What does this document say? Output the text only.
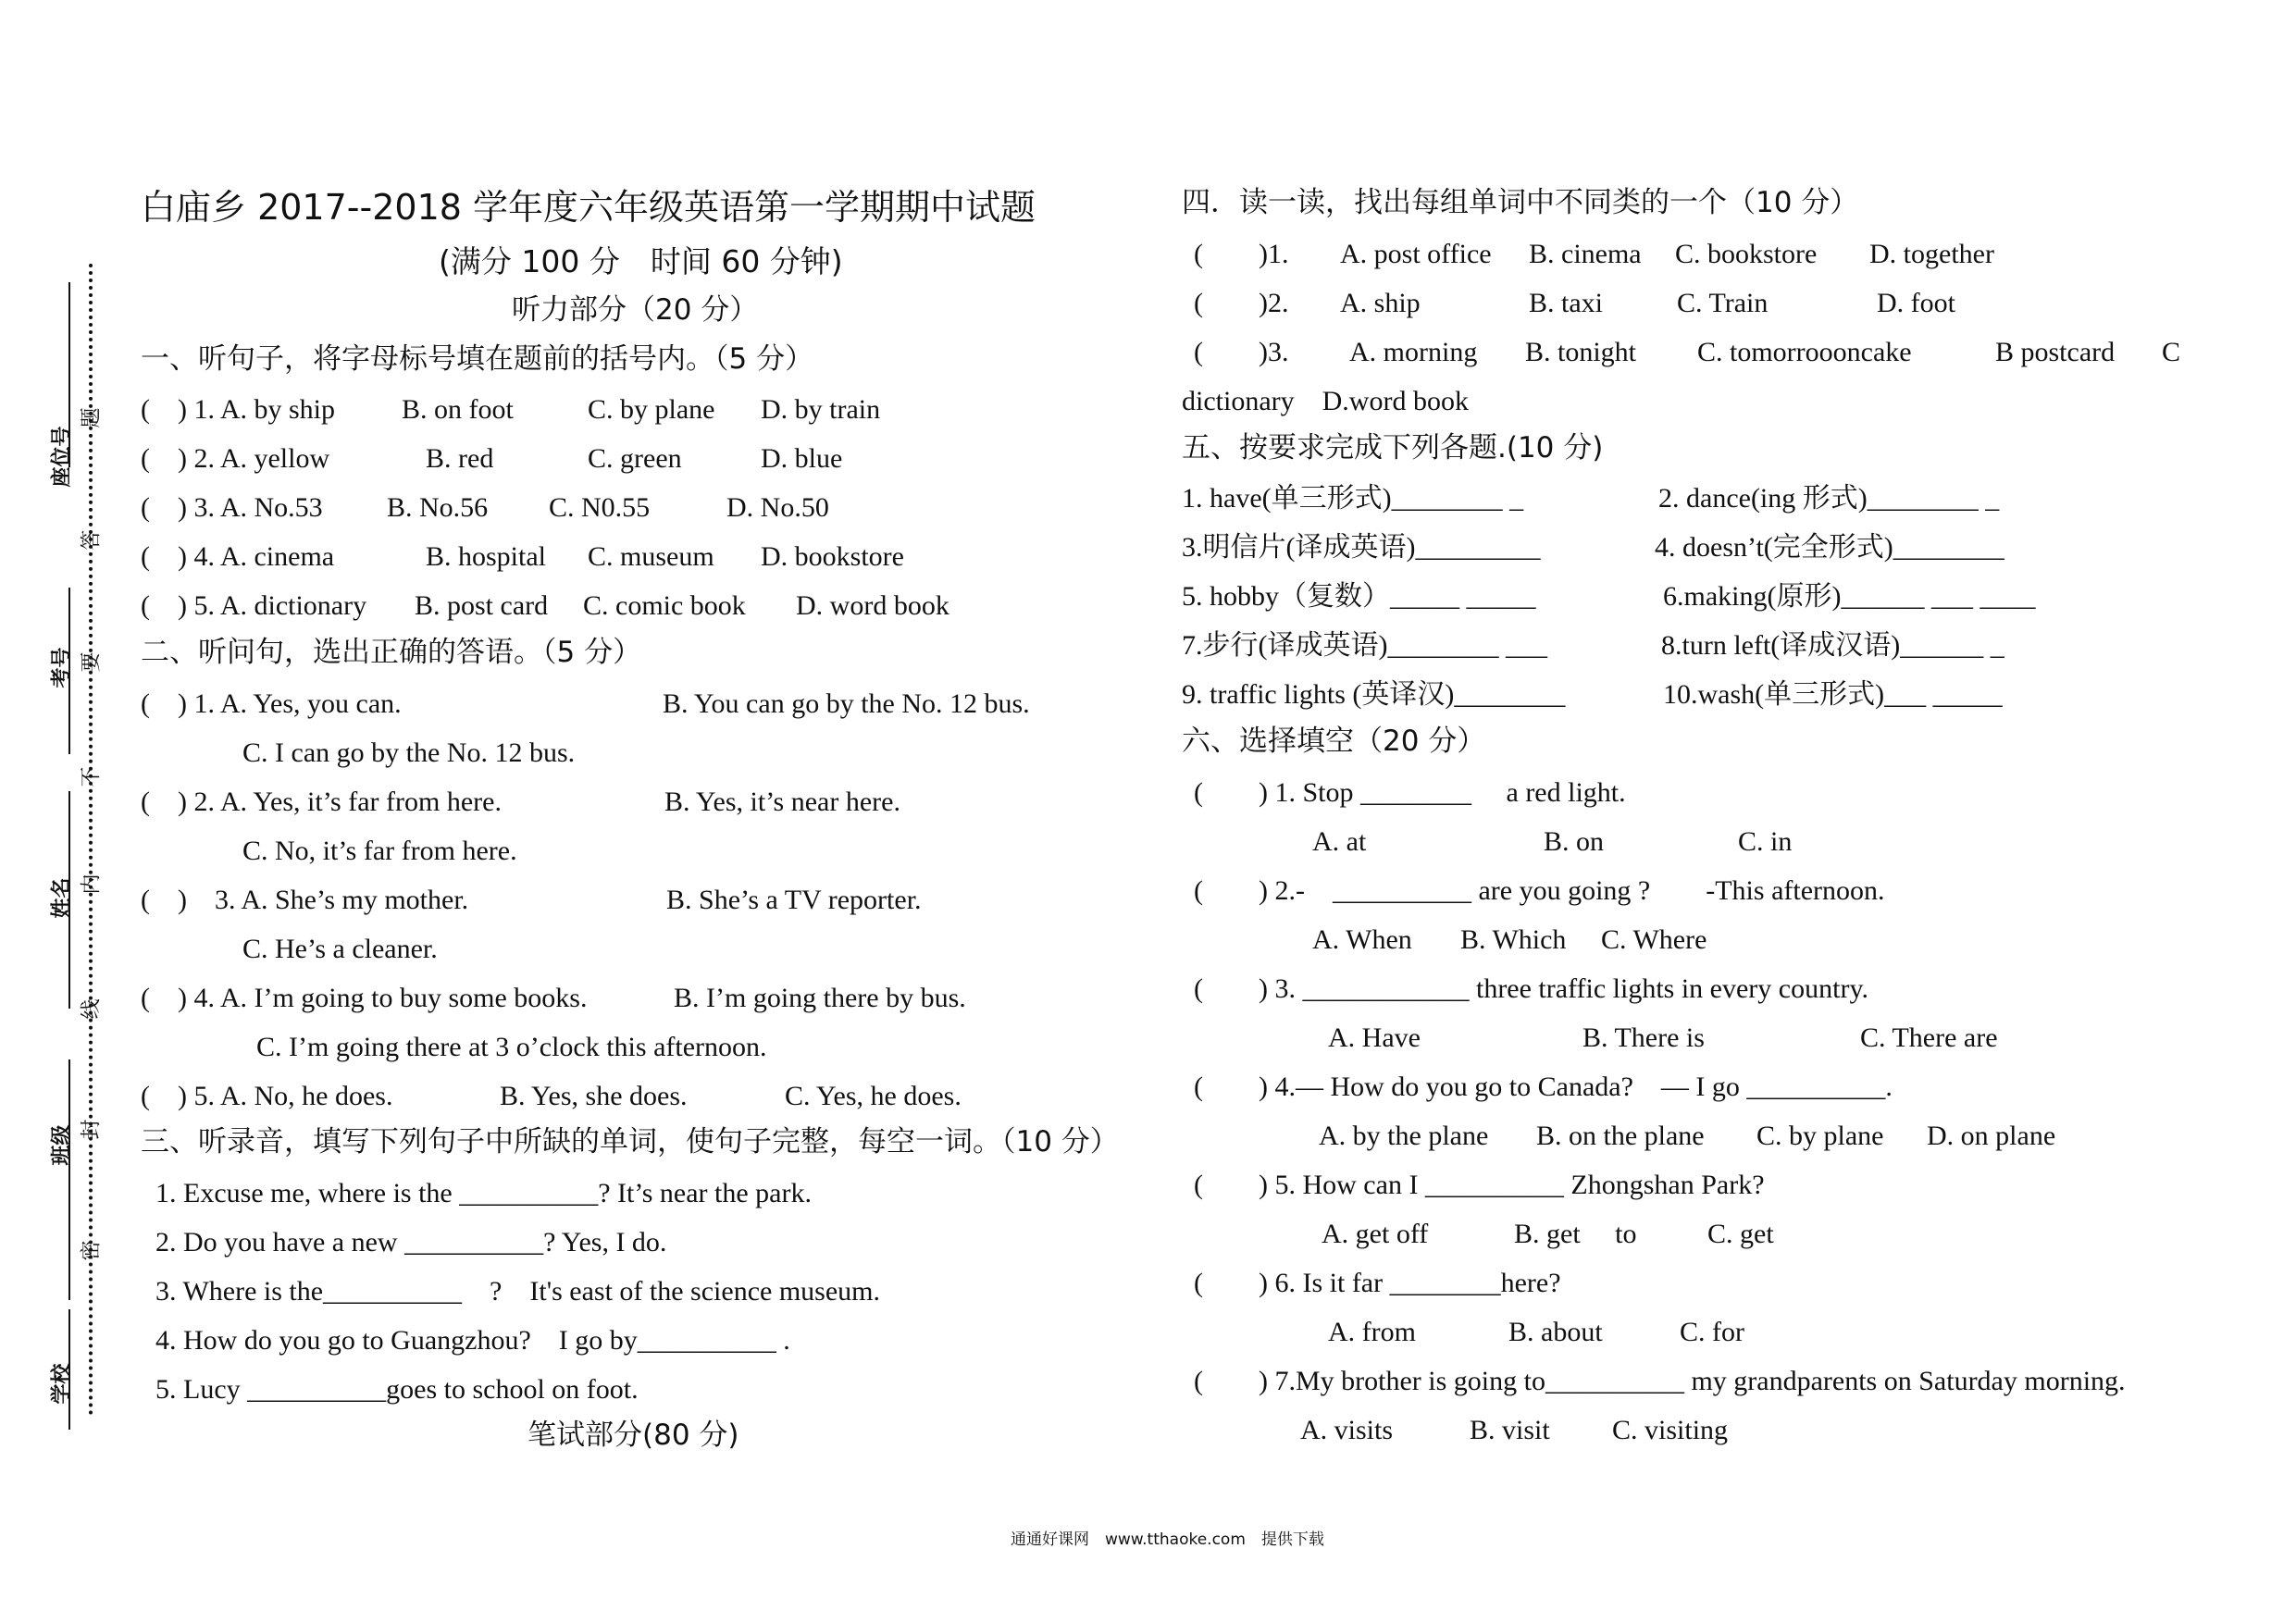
座位号
考号
姓名
班级
学校
题
答
要
不
内
线
封
密
白庙乡 2017--2018 学年度六年级英语第一学期期中试题
(满分 100 分　时间 60 分钟)
听力部分（20 分）
一、听句子，将字母标号填在题前的括号内。（5 分）
(　) 1. A. by ship B. on foot	C. by plane D. by train
(　) 2. A. yellow	B. red	C. green	D. blue
(　) 3. A. No.53 B. No.56 C. N0.55	D. No.50
(　) 4. A. cinema	B. hospital C. museum D. bookstore
(　) 5. A. dictionary B. post card C. comic book D. word book
二、听问句，选出正确的答语。（5 分）
(　) 1. A. Yes, you can.	B. You can go by the No. 12 bus.
C. I can go by the No. 12 bus.
(　) 2. A. Yes, it’s far from here.	B. Yes, it’s near here.
C. No, it’s far from here.
(　)　3. A. She’s my mother.	B. She’s a TV reporter.
C. He’s a cleaner.
(　) 4. A. I’m going to buy some books.	B. I’m going there by bus.
C. I’m going there at 3 o’clock this afternoon.
(　) 5. A. No, he does.	B. Yes, she does.	C. Yes, he does.
三、听录音，填写下列句子中所缺的单词，使句子完整，每空一词。（10 分）
1. Excuse me, where is the __________? It’s near the park.
2. Do you have a new __________? Yes, I do.
3. Where is the__________　?　It's east of the science museum.
4. How do you go to Guangzhou?　I go by__________ .
5. Lucy __________goes to school on foot.
笔试部分(80 分)
四．读一读，找出每组单词中不同类的一个（10 分）
(　　)1. A. post office B. cinema C. bookstore D. together
(　　)2. A. ship	B. taxi	C. Train	D. foot
(　　)3. A. morning B. tonight C. tomorroooncake	B postcard C
dictionary　D.word book
五、按要求完成下列各题.(10 分)
1. have(单三形式)________ _	2. dance(ing 形式)________ _
3.明信片(译成英语)_________	4. doesn’t(完全形式)________
5. hobby（复数）_____ _____	6.making(原形)______ ___ ____
7.步行(译成英语)________ ___	8.turn left(译成汉语)______ _
9. traffic lights (英译汉)________	10.wash(单三形式)___ _____
六、选择填空（20 分）
(　　) 1. Stop ________　 a red light.
A. at	B. on	C. in
(　　) 2.-　__________ are you going ?　　-This afternoon.
A. When B. Which C. Where
(　　) 3. ____________ three traffic lights in every country.
A. Have	B. There is	C. There are
(　　) 4.— How do you go to Canada?　— I go __________.
A. by the plane B. on the plane C. by plane D. on plane
(　　) 5. How can I __________ Zhongshan Park?
A. get off	B. get　 to	C. get
(　　) 6. Is it far ________here?
A. from	B. about	C. for
(　　) 7.My brother is going to__________ my grandparents on Saturday morning.
A. visits	B. visit C. visiting
通通好课网　www.tthaoke.com　提供下载
